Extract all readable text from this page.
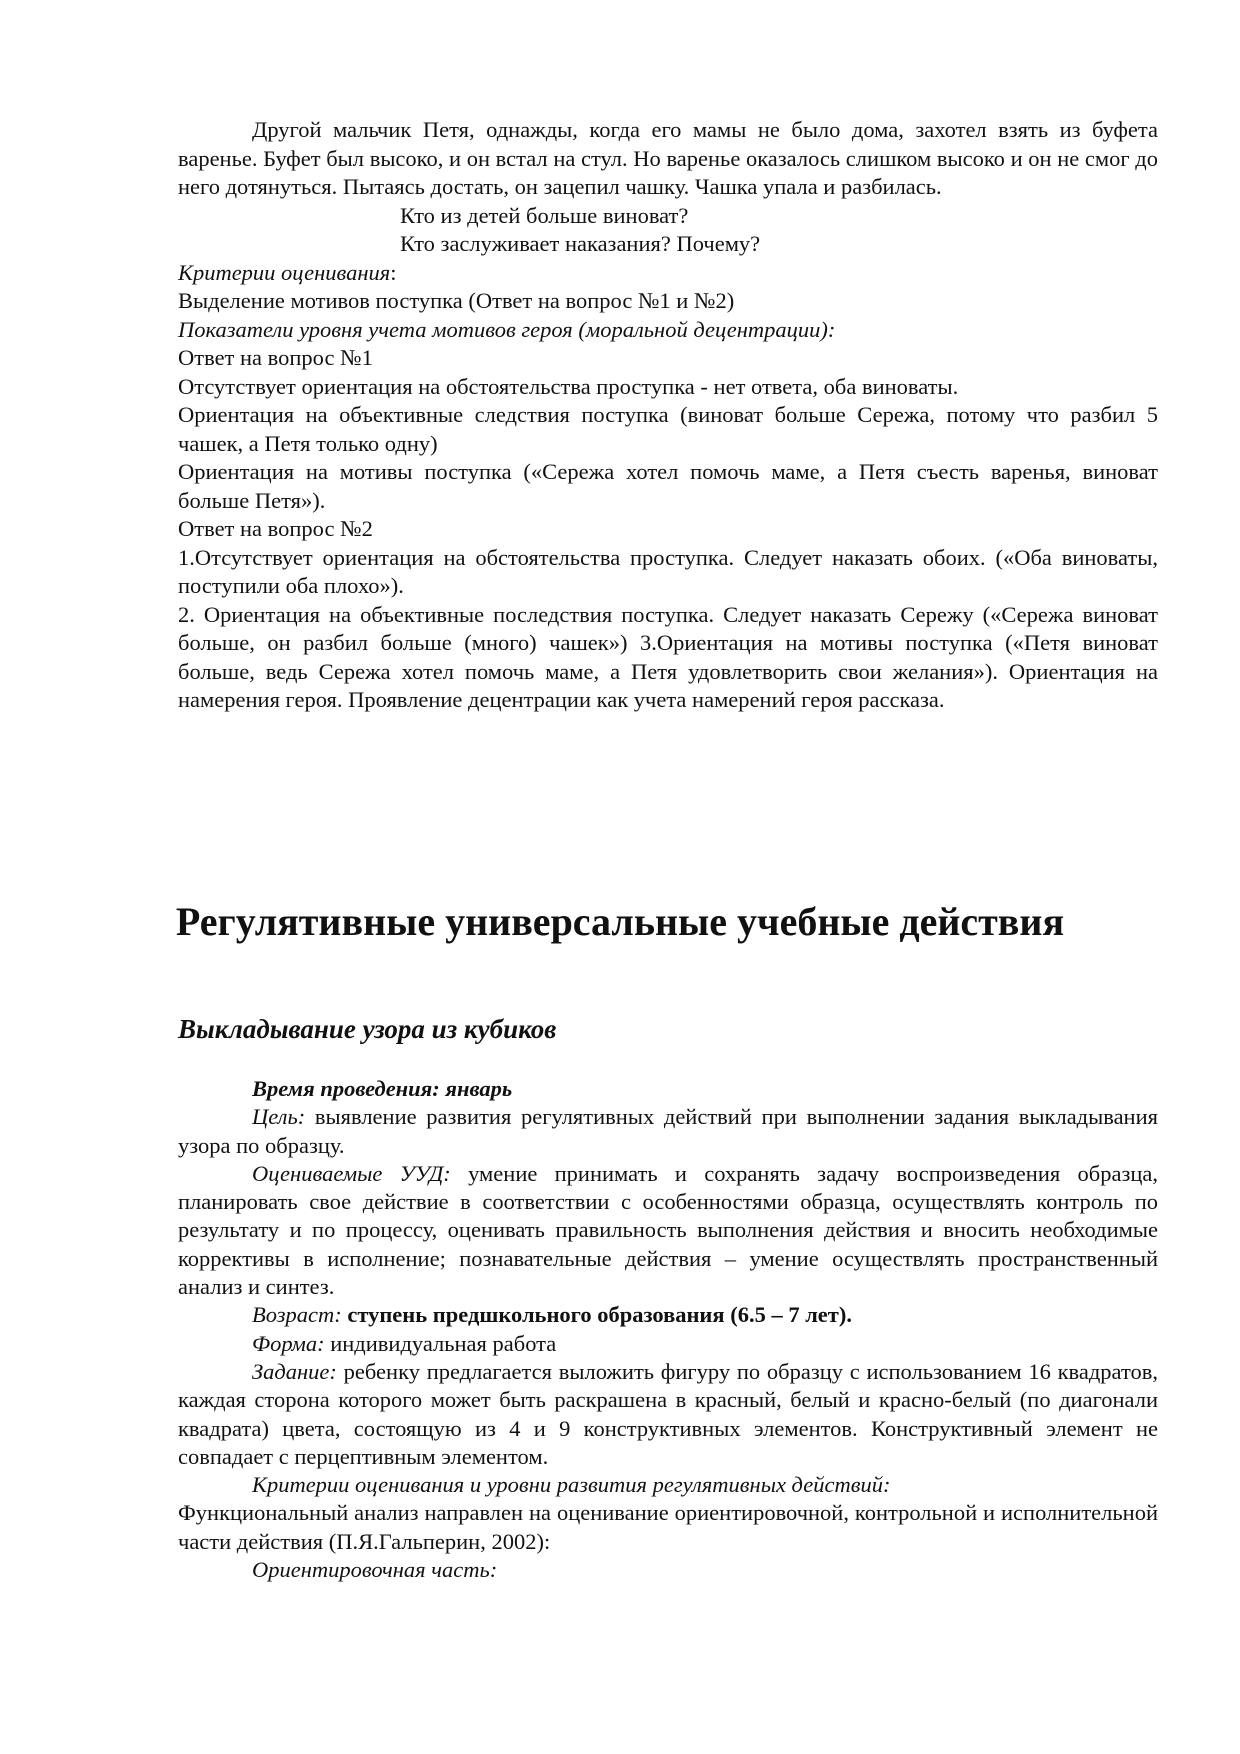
Другой мальчик Петя, однажды, когда его мамы не было дома, захотел взять из буфета варенье. Буфет был высоко, и он встал на стул. Но варенье оказалось слишком высоко и он не смог до него дотянуться. Пытаясь достать, он зацепил чашку. Чашка упала и разбилась.

Кто из детей больше виноват?

Кто заслуживает наказания? Почему?

Критерии оценивания:

Выделение мотивов поступка (Ответ на вопрос №1 и №2)

Показатели уровня учета мотивов героя (моральной децентрации):

Ответ на вопрос №1

Отсутствует ориентация на обстоятельства проступка - нет ответа, оба виноваты.

Ориентация на объективные следствия поступка (виноват больше Сережа, потому что разбил 5 чашек, а Петя только одну)

Ориентация на мотивы поступка («Сережа хотел помочь маме, а Петя съесть варенья, виноват больше Петя»).

Ответ на вопрос №2

1.Отсутствует ориентация на обстоятельства проступка. Следует наказать обоих. («Оба виноваты, поступили оба плохо»).

2. Ориентация на объективные последствия поступка. Следует наказать Сережу («Сережа виноват больше, он разбил больше (много) чашек») 3.Ориентация на мотивы поступка («Петя виноват больше, ведь Сережа хотел помочь маме, а Петя удовлетворить свои желания»). Ориентация на намерения героя. Проявление децентрации как учета намерений героя рассказа.

Регулятивные универсальные учебные действия
Выкладывание узора из кубиков

Время проведения: январь

Цель: выявление развития регулятивных действий при выполнении задания выкладывания узора по образцу.

Оцениваемые УУД: умение принимать и сохранять задачу воспроизведения образца, планировать свое действие в соответствии с особенностями образца, осуществлять контроль по результату и по процессу, оценивать правильность выполнения действия и вносить необходимые коррективы в исполнение; познавательные действия – умение осуществлять пространственный анализ и синтез.

Возраст: ступень предшкольного образования (6.5 – 7 лет).

Форма: индивидуальная работа

Задание: ребенку предлагается выложить фигуру по образцу с использованием 16 квадратов, каждая сторона которого может быть раскрашена в красный, белый и красно-белый (по диагонали квадрата) цвета, состоящую из 4 и 9 конструктивных элементов. Конструктивный элемент не совпадает с перцептивным элементом.

Критерии оценивания и уровни развития регулятивных действий:

Функциональный анализ направлен на оценивание ориентировочной, контрольной и исполнительной части действия (П.Я.Гальперин, 2002):

Ориентировочная часть:
